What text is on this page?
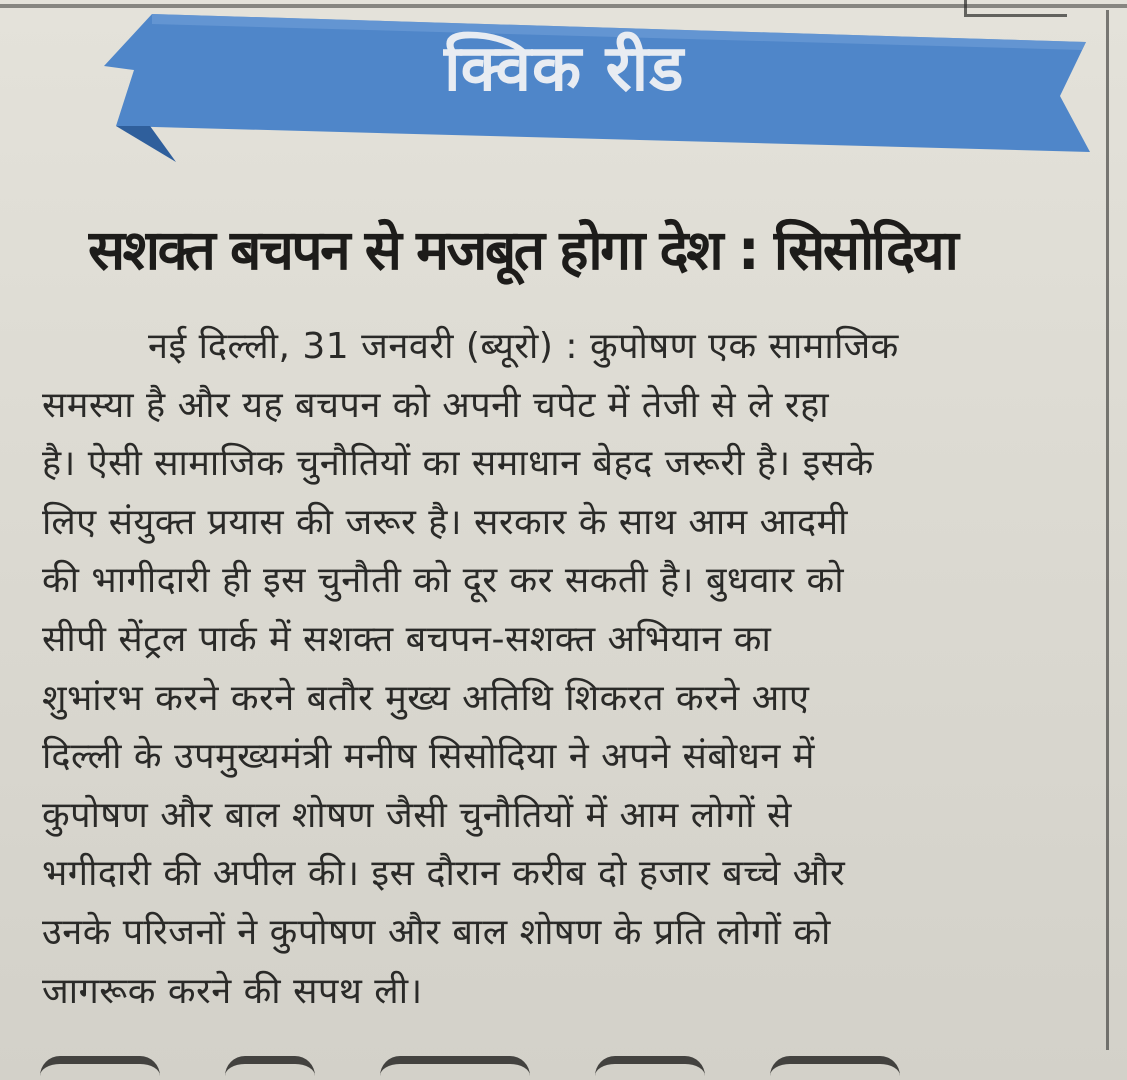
क्विक रीड
सशक्त बचपन से मजबूत होगा देश : सिसोदिया
नई दिल्ली, 31 जनवरी (ब्यूरो) : कुपोषण एक सामाजिक
समस्या है और यह बचपन को अपनी चपेट में तेजी से ले रहा
है। ऐसी सामाजिक चुनौतियों का समाधान बेहद जरूरी है। इसके
लिए संयुक्त प्रयास की जरूर है। सरकार के साथ आम आदमी
की भागीदारी ही इस चुनौती को दूर कर सकती है। बुधवार को
सीपी सेंट्रल पार्क में सशक्त बचपन-सशक्त अभियान का
शुभांरभ करने करने बतौर मुख्य अतिथि शिकरत करने आए
दिल्ली के उपमुख्यमंत्री मनीष सिसोदिया ने अपने संबोधन में
कुपोषण और बाल शोषण जैसी चुनौतियों में आम लोगों से
भगीदारी की अपील की। इस दौरान करीब दो हजार बच्चे और
उनके परिजनों ने कुपोषण और बाल शोषण के प्रति लोगों को
जागरूक करने की सपथ ली।
